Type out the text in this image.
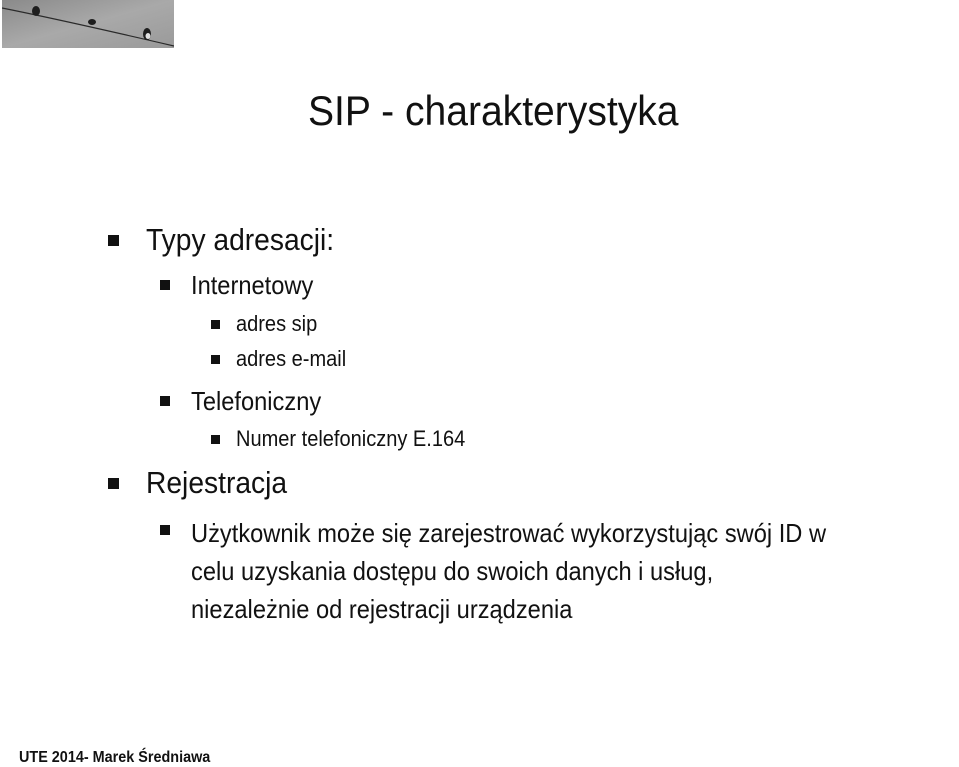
SIP - charakterystyka
Typy adresacji:
Internetowy
adres sip
adres e-mail
Telefoniczny
Numer telefoniczny E.164
Rejestracja
Użytkownik może się zarejestrować wykorzystując swój ID w
celu uzyskania dostępu do swoich danych i usług,
niezależnie od rejestracji urządzenia
UTE 2014- Marek Średniawa
